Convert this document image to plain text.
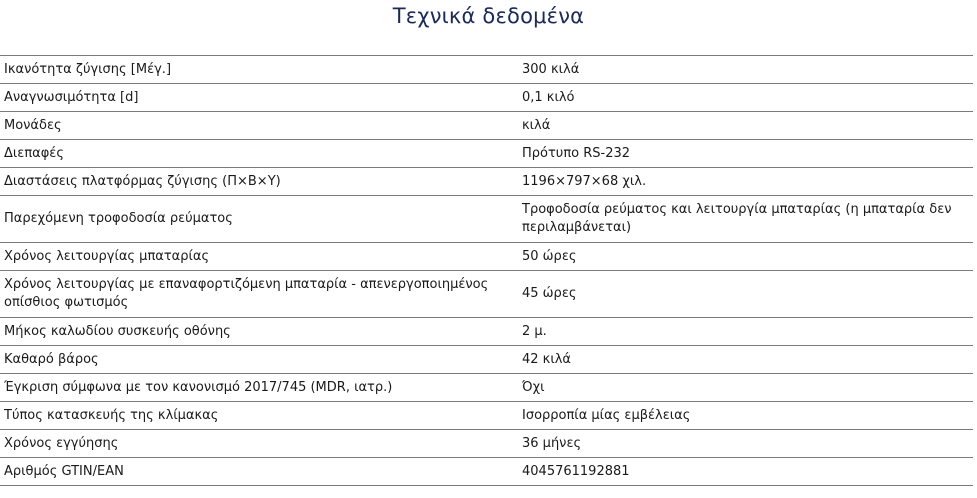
Τεχνικά δεδομένα
Ικανότητα ζύγισης [Μέγ.]	300 κιλά
Αναγνωσιμότητα [d]	0,1 κιλό
Μονάδες	κιλά
Διεπαφές	Πρότυπο RS-232
Διαστάσεις πλατφόρμας ζύγισης (Π×Β×Υ)	1196×797×68 χιλ.
Παρεχόμενη τροφοδοσία ρεύματος	Τροφοδοσία ρεύματος και λειτουργία μπαταρίας (η μπαταρία δεν περιλαμβάνεται)
Χρόνος λειτουργίας μπαταρίας	50 ώρες
Χρόνος λειτουργίας με επαναφορτιζόμενη μπαταρία - απενεργοποιημένος οπίσθιος φωτισμός	45 ώρες
Μήκος καλωδίου συσκευής οθόνης	2 μ.
Καθαρό βάρος	42 κιλά
Έγκριση σύμφωνα με τον κανονισμό 2017/745 (MDR, ιατρ.)	Όχι
Τύπος κατασκευής της κλίμακας	Ισορροπία μίας εμβέλειας
Χρόνος εγγύησης	36 μήνες
Αριθμός GTIN/EAN	4045761192881
